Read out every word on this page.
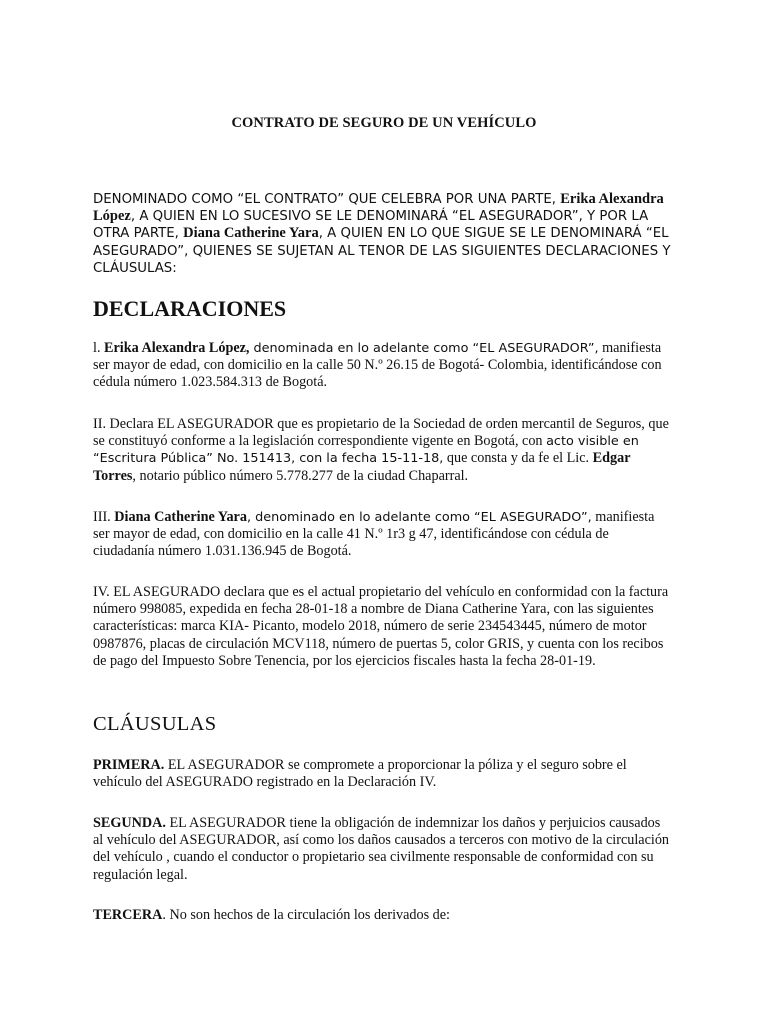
CONTRATO DE SEGURO DE UN VEHÍCULO
DENOMINADO COMO “EL CONTRATO” QUE CELEBRA POR UNA PARTE, Erika Alexandra López, A QUIEN EN LO SUCESIVO SE LE DENOMINARÁ “EL ASEGURADOR”, Y POR LA OTRA PARTE, Diana Catherine Yara, A QUIEN EN LO QUE SIGUE SE LE DENOMINARÁ “EL ASEGURADO”, QUIENES SE SUJETAN AL TENOR DE LAS SIGUIENTES DECLARACIONES Y CLÁUSULAS:
DECLARACIONES
l. Erika Alexandra López, denominada en lo adelante como “EL ASEGURADOR”, manifiesta ser mayor de edad, con domicilio en la calle 50 N.º 26.15 de Bogotá- Colombia, identificándose con cédula número 1.023.584.313 de Bogotá.
II. Declara EL ASEGURADOR que es propietario de la Sociedad de orden mercantil de Seguros, que se constituyó conforme a la legislación correspondiente vigente en Bogotá, con acto visible en “Escritura Pública” No. 151413, con la fecha 15-11-18, que consta y da fe el Lic. Edgar Torres, notario público número 5.778.277 de la ciudad Chaparral.
III. Diana Catherine Yara, denominado en lo adelante como “EL ASEGURADO”, manifiesta ser mayor de edad, con domicilio en la calle 41 N.º 1r3 g 47, identificándose con cédula de ciudadanía número 1.031.136.945 de Bogotá.
IV. EL ASEGURADO declara que es el actual propietario del vehículo en conformidad con la factura número 998085, expedida en fecha 28-01-18 a nombre de Diana Catherine Yara, con las siguientes características: marca KIA- Picanto, modelo 2018, número de serie 234543445, número de motor 0987876, placas de circulación MCV118, número de puertas 5, color GRIS, y cuenta con los recibos de pago del Impuesto Sobre Tenencia, por los ejercicios fiscales hasta la fecha 28-01-19.
CLÁUSULAS
PRIMERA. EL ASEGURADOR se compromete a proporcionar la póliza y el seguro sobre el vehículo del ASEGURADO registrado en la Declaración IV.
SEGUNDA. EL ASEGURADOR tiene la obligación de indemnizar los daños y perjuicios causados al vehículo del ASEGURADOR, así como los daños causados a terceros con motivo de la circulación del vehículo , cuando el conductor o propietario sea civilmente responsable de conformidad con su regulación legal.
TERCERA. No son hechos de la circulación los derivados de:
